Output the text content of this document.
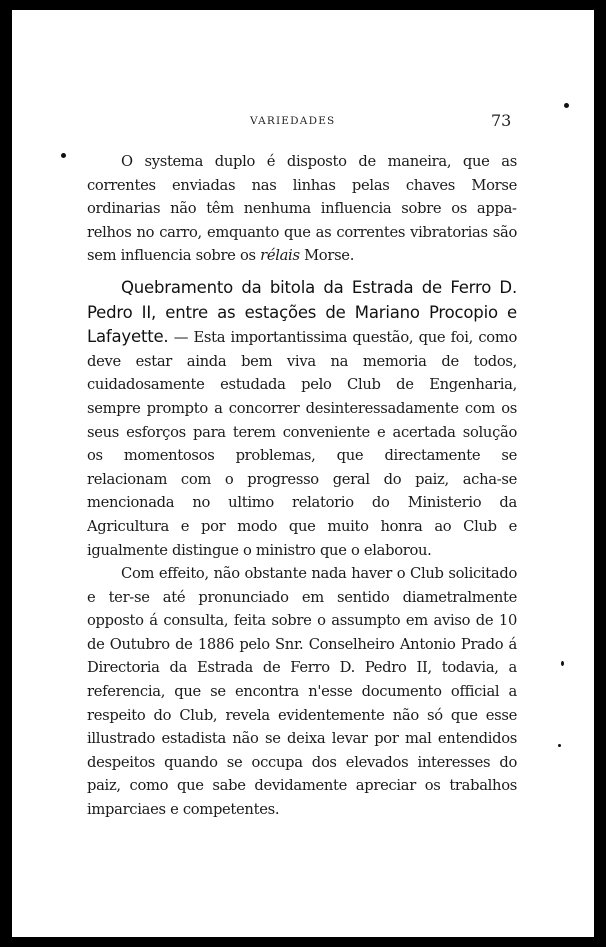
VARIEDADES	73

O systema duplo é disposto de maneira, que as correntes enviadas nas linhas pelas chaves Morse ordinarias não têm nenhuma influencia sobre os apparelhos no carro, emquanto que as correntes vibratorias são sem influencia sobre os rélais Morse.

Quebramento da bitola da Estrada de Ferro D. Pedro II, entre as estações de Mariano Procopio e Lafayette. — Esta importantissima questão, que foi, como deve estar ainda bem viva na memoria de todos, cuidadosamente estudada pelo Club de Engenharia, sempre prompto a concorrer desinteressadamente com os seus esforços para terem conveniente e acertada solução os momentosos problemas, que directamente se relacionam com o progresso geral do paiz, acha-se mencionada no ultimo relatorio do Ministerio da Agricultura e por modo que muito honra ao Club e igualmente distingue o ministro que o elaborou.

Com effeito, não obstante nada haver o Club solicitado e ter-se até pronunciado em sentido diametralmente opposto á consulta, feita sobre o assumpto em aviso de 10 de Outubro de 1886 pelo Snr. Conselheiro Antonio Prado á Directoria da Estrada de Ferro D. Pedro II, todavia, a referencia, que se encontra n'esse documento official a respeito do Club, revela evidentemente não só que esse illustrado estadista não se deixa levar por mal entendidos despeitos quando se occupa dos elevados interesses do paiz, como que sabe devidamente apreciar os trabalhos imparciaes e competentes.
